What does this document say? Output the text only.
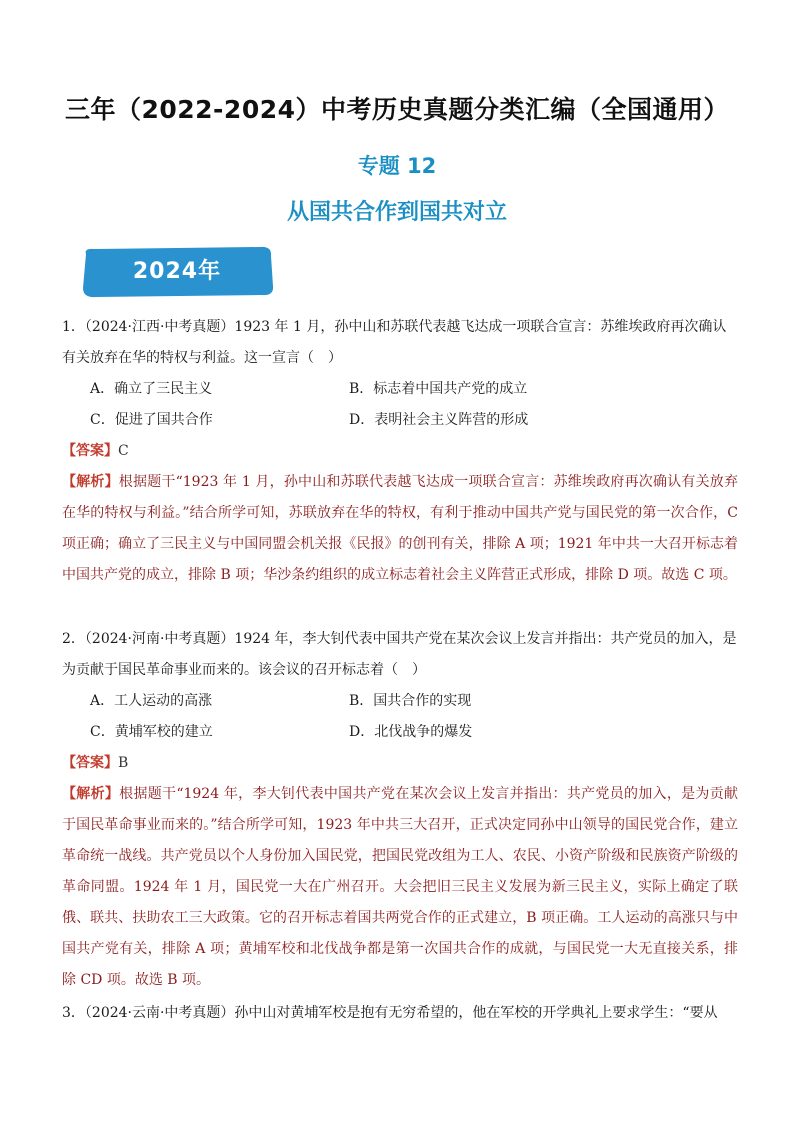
三年（2022-2024）中考历史真题分类汇编（全国通用）
专题 12
从国共合作到国共对立
2024年
1．（2024·江西·中考真题）1923 年 1 月，孙中山和苏联代表越飞达成一项联合宣言：苏维埃政府再次确认有关放弃在华的特权与利益。这一宣言（　）
A．确立了三民主义	B．标志着中国共产党的成立
C．促进了国共合作	D．表明社会主义阵营的形成
【答案】C
【解析】根据题干“1923 年 1 月，孙中山和苏联代表越飞达成一项联合宣言：苏维埃政府再次确认有关放弃在华的特权与利益。”结合所学可知，苏联放弃在华的特权，有利于推动中国共产党与国民党的第一次合作，C 项正确；确立了三民主义与中国同盟会机关报《民报》的创刊有关，排除 A 项；1921 年中共一大召开标志着中国共产党的成立，排除 B 项；华沙条约组织的成立标志着社会主义阵营正式形成，排除 D 项。故选 C 项。
2．（2024·河南·中考真题）1924 年，李大钊代表中国共产党在某次会议上发言并指出：共产党员的加入，是为贡献于国民革命事业而来的。该会议的召开标志着（　）
A．工人运动的高涨	B．国共合作的实现
C．黄埔军校的建立	D．北伐战争的爆发
【答案】B
【解析】根据题干“1924 年，李大钊代表中国共产党在某次会议上发言并指出：共产党员的加入，是为贡献于国民革命事业而来的。”结合所学可知，1923 年中共三大召开，正式决定同孙中山领导的国民党合作，建立革命统一战线。共产党员以个人身份加入国民党，把国民党改组为工人、农民、小资产阶级和民族资产阶级的革命同盟。1924 年 1 月，国民党一大在广州召开。大会把旧三民主义发展为新三民主义，实际上确定了联俄、联共、扶助农工三大政策。它的召开标志着国共两党合作的正式建立，B 项正确。工人运动的高涨只与中国共产党有关，排除 A 项；黄埔军校和北伐战争都是第一次国共合作的成就，与国民党一大无直接关系，排除 CD 项。故选 B 项。
3．（2024·云南·中考真题）孙中山对黄埔军校是抱有无穷希望的，他在军校的开学典礼上要求学生：“要从
